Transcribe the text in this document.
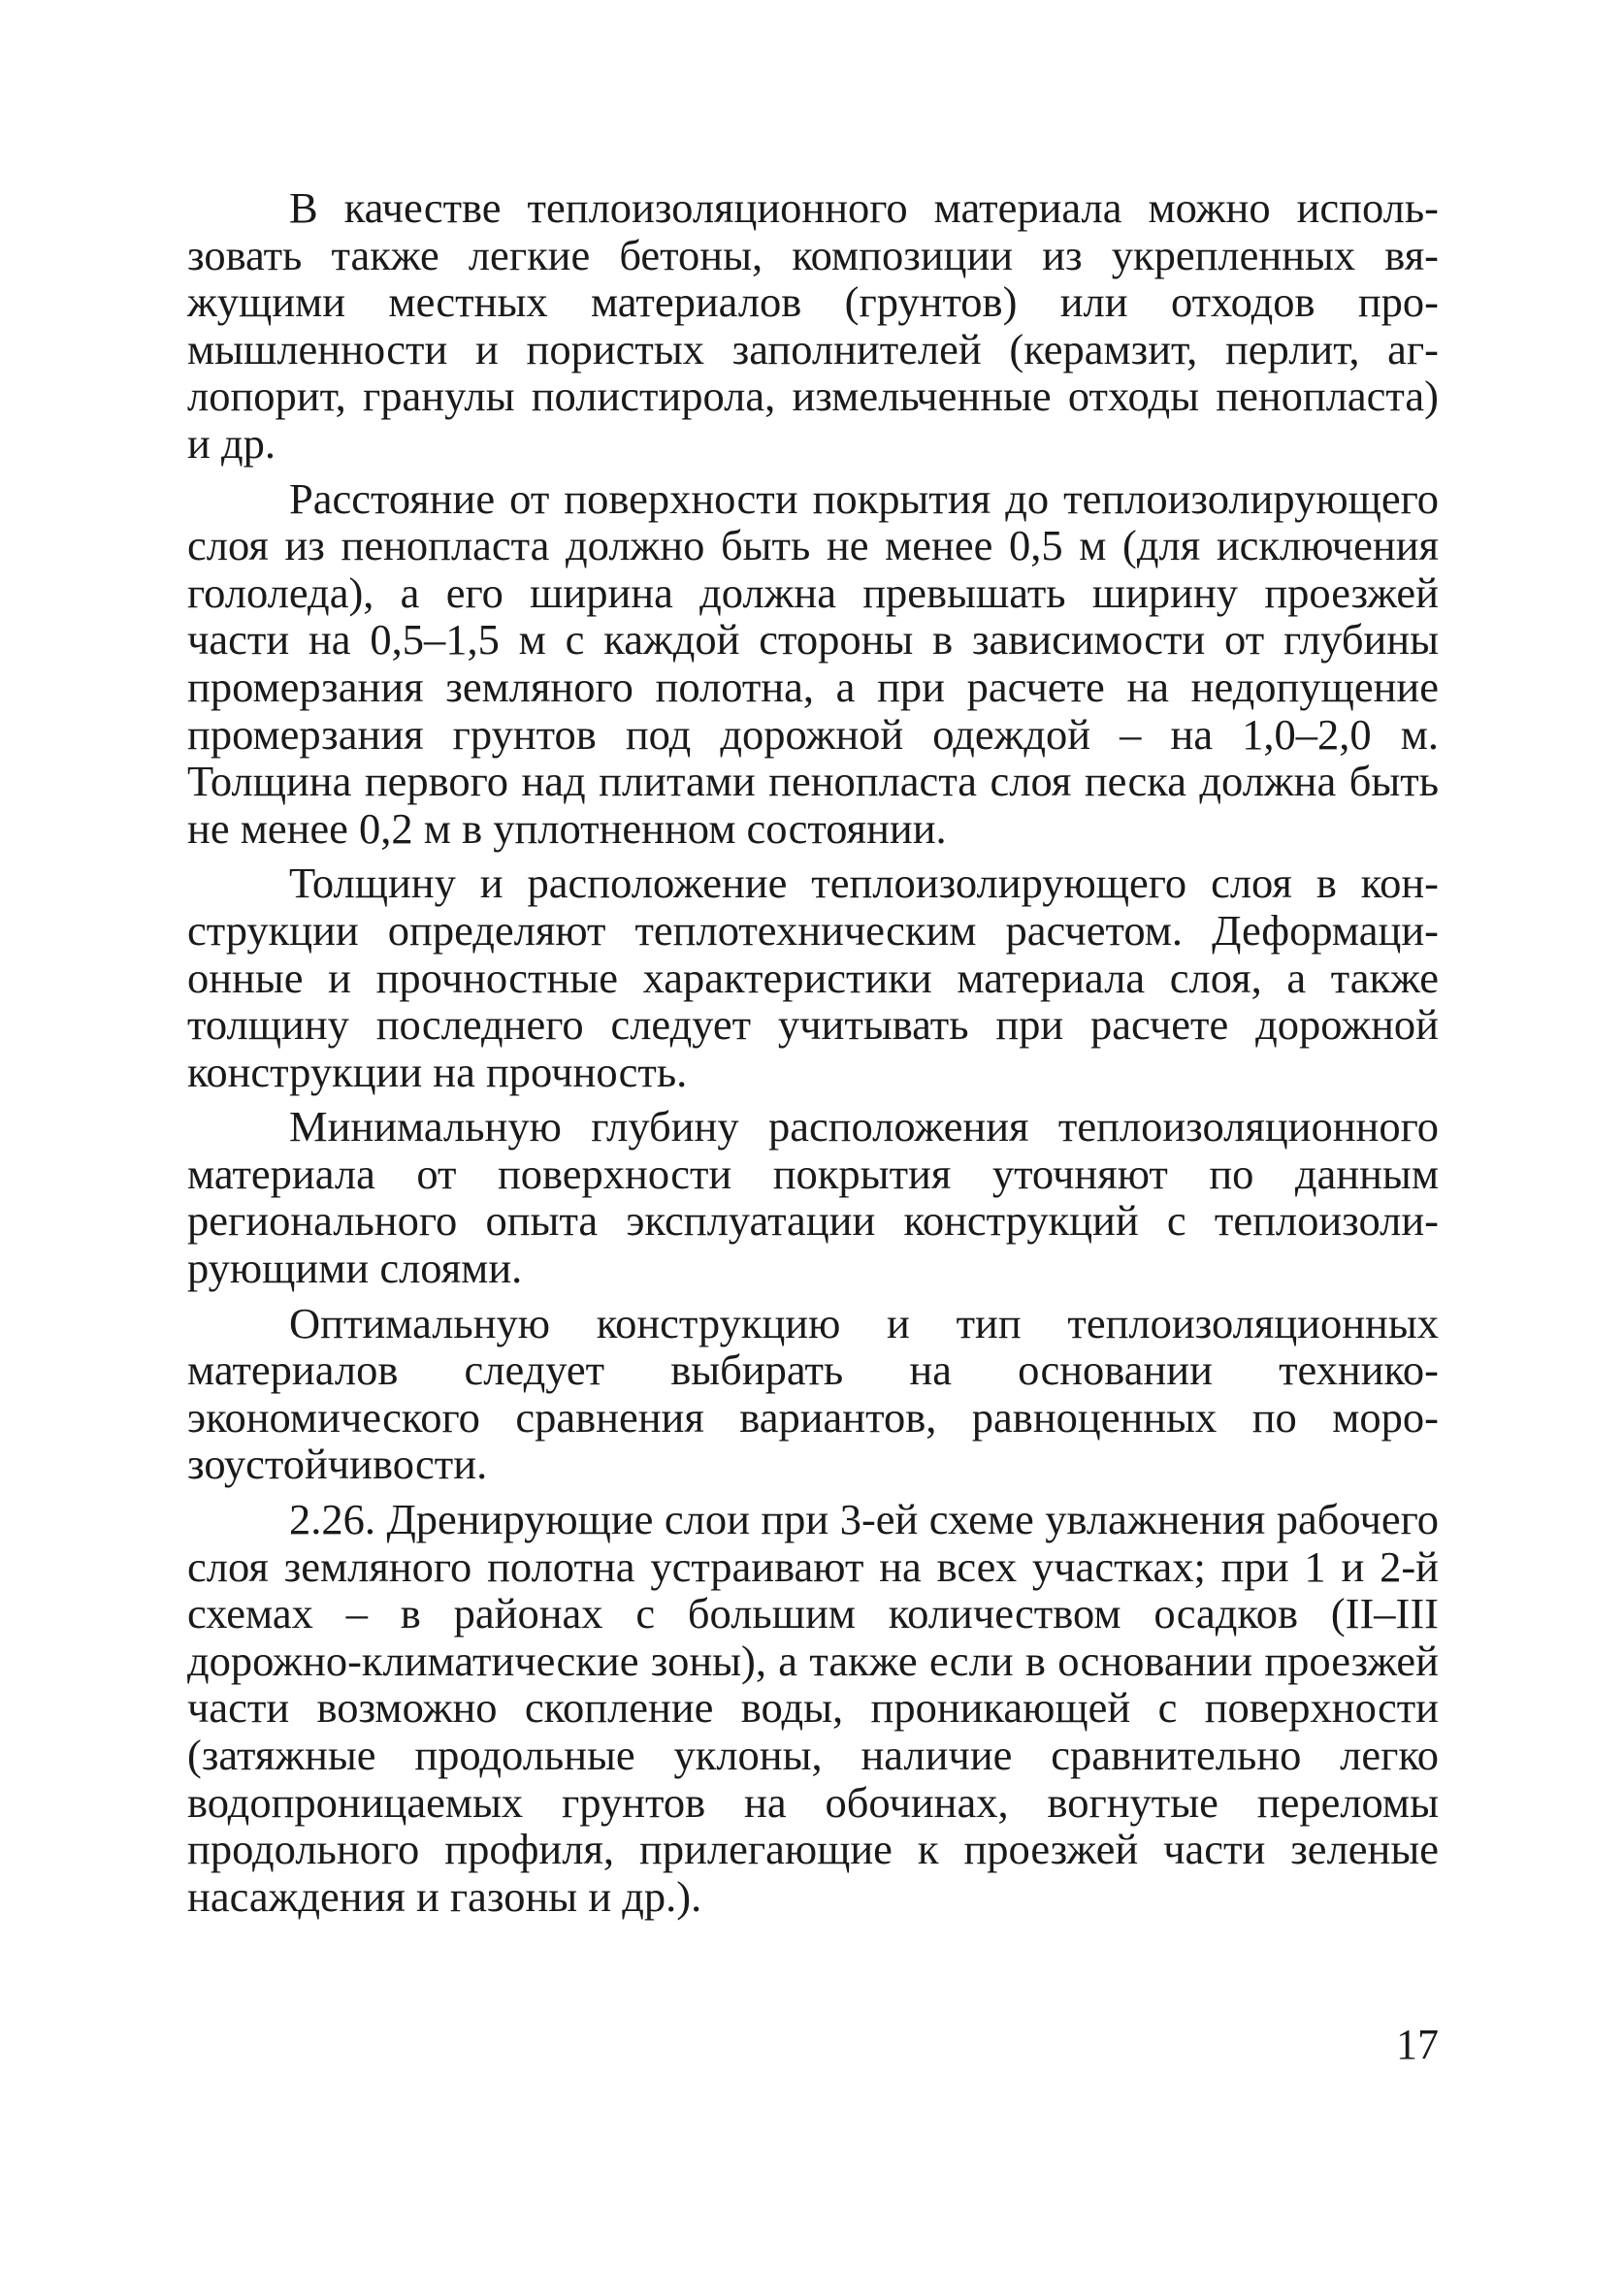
В качестве теплоизоляционного материала можно использовать также легкие бетоны, композиции из укрепленных вяжущими местных материалов (грунтов) или отходов промышленности и пористых заполнителей (керамзит, перлит, аглопорит, гранулы полистирола, измельченные отходы пенопласта) и др.

Расстояние от поверхности покрытия до теплоизолирующего слоя из пенопласта должно быть не менее 0,5 м (для исключения гололеда), а его ширина должна превышать ширину проезжей части на 0,5–1,5 м с каждой стороны в зависимости от глубины промерзания земляного полотна, а при расчете на недопущение промерзания грунтов под дорожной одеждой – на 1,0–2,0 м. Толщина первого над плитами пенопласта слоя песка должна быть не менее 0,2 м в уплотненном состоянии.

Толщину и расположение теплоизолирующего слоя в конструкции определяют теплотехническим расчетом. Деформационные и прочностные характеристики материала слоя, а также толщину последнего следует учитывать при расчете дорожной конструкции на прочность.

Минимальную глубину расположения теплоизоляционного материала от поверхности покрытия уточняют по данным регионального опыта эксплуатации конструкций с теплоизолирующими слоями.

Оптимальную конструкцию и тип теплоизоляционных материалов следует выбирать на основании технико-экономического сравнения вариантов, равноценных по морозоустойчивости.

2.26. Дренирующие слои при 3-ей схеме увлажнения рабочего слоя земляного полотна устраивают на всех участках; при 1 и 2-й схемах – в районах с большим количеством осадков (II–III дорожно-климатические зоны), а также если в основании проезжей части возможно скопление воды, проникающей с поверхности (затяжные продольные уклоны, наличие сравнительно легко водопроницаемых грунтов на обочинах, вогнутые переломы продольного профиля, прилегающие к проезжей части зеленые насаждения и газоны и др.).

17
